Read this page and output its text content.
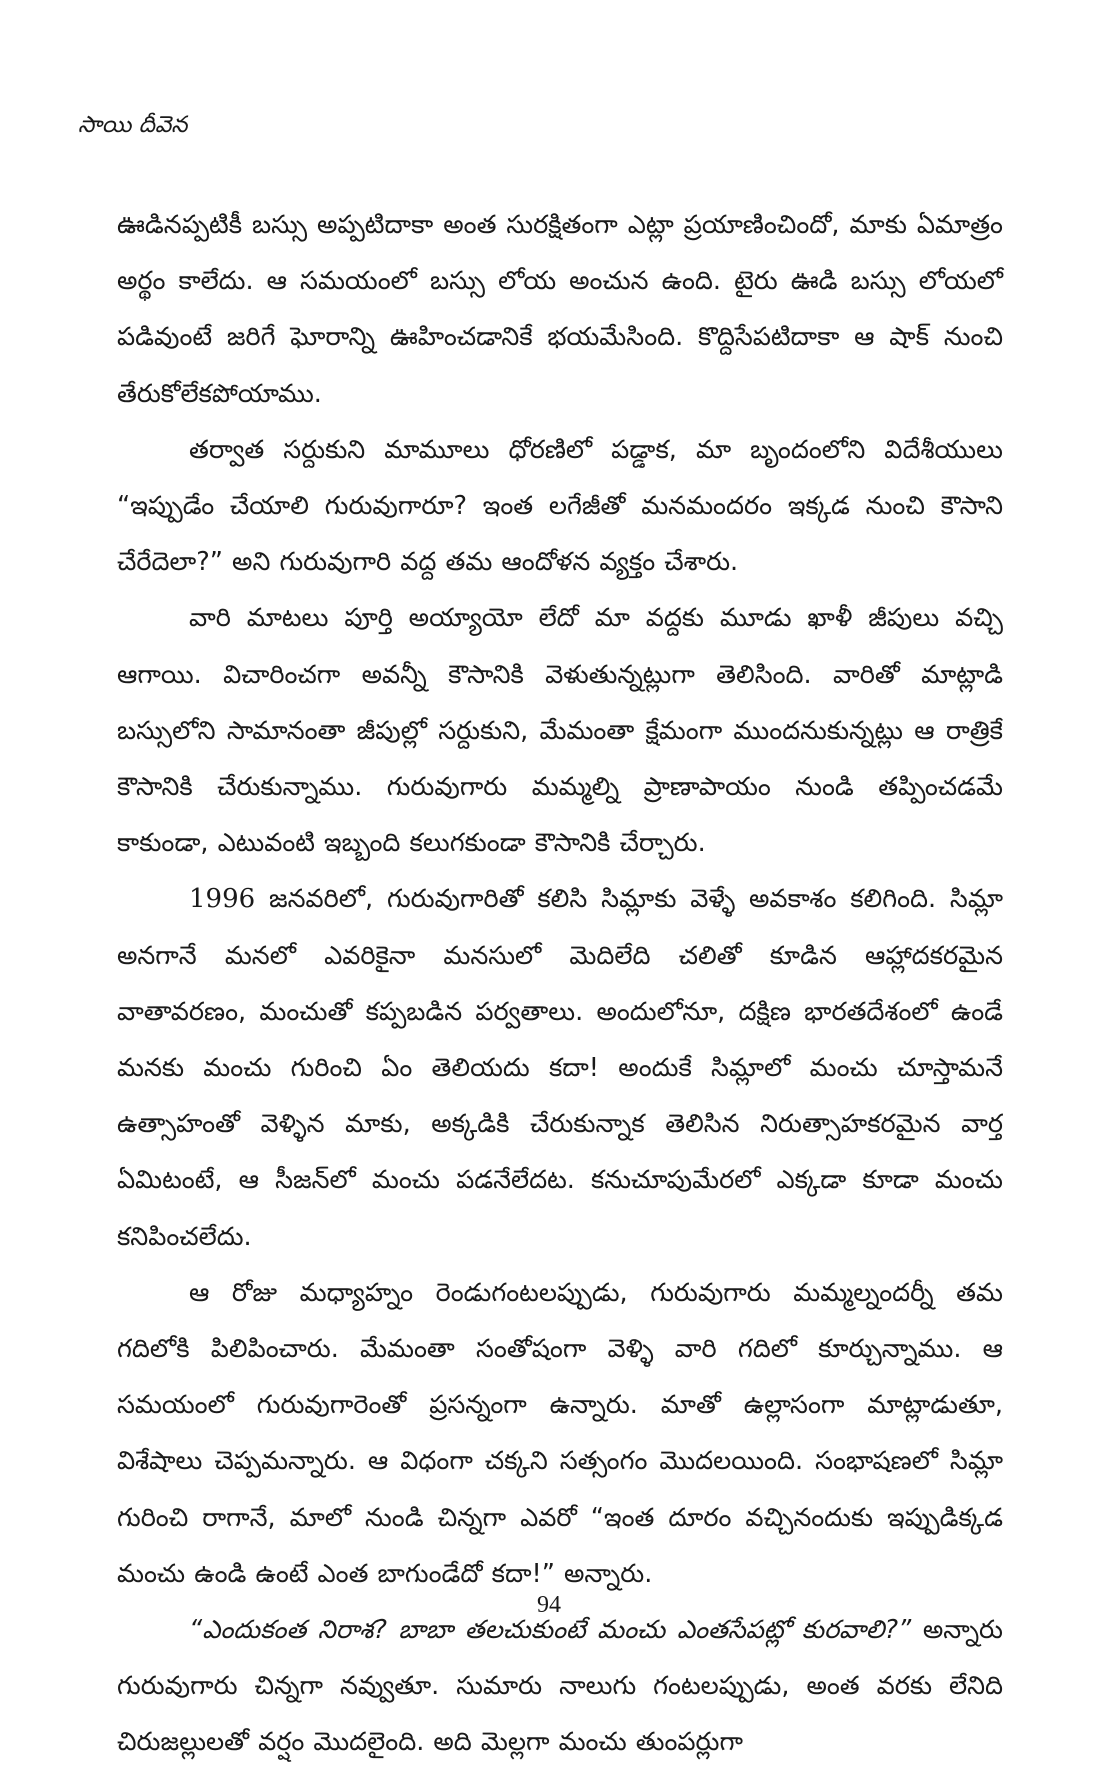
సాయి దీవెన

ఊడినప్పటికీ బస్సు అప్పటిదాకా అంత సురక్షితంగా ఎట్లా ప్రయాణించిందో, మాకు ఏమాత్రం అర్థం కాలేదు. ఆ సమయంలో బస్సు లోయ అంచున ఉంది. టైరు ఊడి బస్సు లోయలో పడివుంటే జరిగే ఘోరాన్ని ఊహించడానికే భయమేసింది. కొద్దిసేపటిదాకా ఆ షాక్ నుంచి తేరుకోలేకపోయాము.

తర్వాత సర్దుకుని మామూలు ధోరణిలో పడ్డాక, మా బృందంలోని విదేశీయులు “ఇప్పుడేం చేయాలి గురువుగారూ? ఇంత లగేజీతో మనమందరం ఇక్కడ నుంచి కౌసాని చేరేదెలా?” అని గురువుగారి వద్ద తమ ఆందోళన వ్యక్తం చేశారు.

వారి మాటలు పూర్తి అయ్యాయో లేదో మా వద్దకు మూడు ఖాళీ జీపులు వచ్చి ఆగాయి. విచారించగా అవన్నీ కౌసానికి వెళుతున్నట్లుగా తెలిసింది. వారితో మాట్లాడి బస్సులోని సామానంతా జీపుల్లో సర్దుకుని, మేమంతా క్షేమంగా ముందనుకున్నట్లు ఆ రాత్రికే కౌసానికి చేరుకున్నాము. గురువుగారు మమ్మల్ని ప్రాణాపాయం నుండి తప్పించడమే కాకుండా, ఎటువంటి ఇబ్బంది కలుగకుండా కౌసానికి చేర్చారు.

1996 జనవరిలో, గురువుగారితో కలిసి సిమ్లాకు వెళ్ళే అవకాశం కలిగింది. సిమ్లా అనగానే మనలో ఎవరికైనా మనసులో మెదిలేది చలితో కూడిన ఆహ్లాదకరమైన వాతావరణం, మంచుతో కప్పబడిన పర్వతాలు. అందులోనూ, దక్షిణ భారతదేశంలో ఉండే మనకు మంచు గురించి ఏం తెలియదు కదా! అందుకే సిమ్లాలో మంచు చూస్తామనే ఉత్సాహంతో వెళ్ళిన మాకు, అక్కడికి చేరుకున్నాక తెలిసిన నిరుత్సాహకరమైన వార్త ఏమిటంటే, ఆ సీజన్‌లో మంచు పడనేలేదట. కనుచూపుమేరలో ఎక్కడా కూడా మంచు కనిపించలేదు.

ఆ రోజు మధ్యాహ్నం రెండుగంటలప్పుడు, గురువుగారు మమ్మల్నందర్నీ తమ గదిలోకి పిలిపించారు. మేమంతా సంతోషంగా వెళ్ళి వారి గదిలో కూర్చున్నాము. ఆ సమయంలో గురువుగారెంతో ప్రసన్నంగా ఉన్నారు. మాతో ఉల్లాసంగా మాట్లాడుతూ, విశేషాలు చెప్పమన్నారు. ఆ విధంగా చక్కని సత్సంగం మొదలయింది. సంభాషణలో సిమ్లా గురించి రాగానే, మాలో నుండి చిన్నగా ఎవరో “ఇంత దూరం వచ్చినందుకు ఇప్పుడిక్కడ మంచు ఉండి ఉంటే ఎంత బాగుండేదో కదా!” అన్నారు.

“ఎందుకంత నిరాశ? బాబా తలచుకుంటే మంచు ఎంతసేపట్లో కురవాలి?” అన్నారు గురువుగారు చిన్నగా నవ్వుతూ. సుమారు నాలుగు గంటలప్పుడు, అంత వరకు లేనిది చిరుజల్లులతో వర్షం మొదలైంది. అది మెల్లగా మంచు తుంపర్లుగా

94
